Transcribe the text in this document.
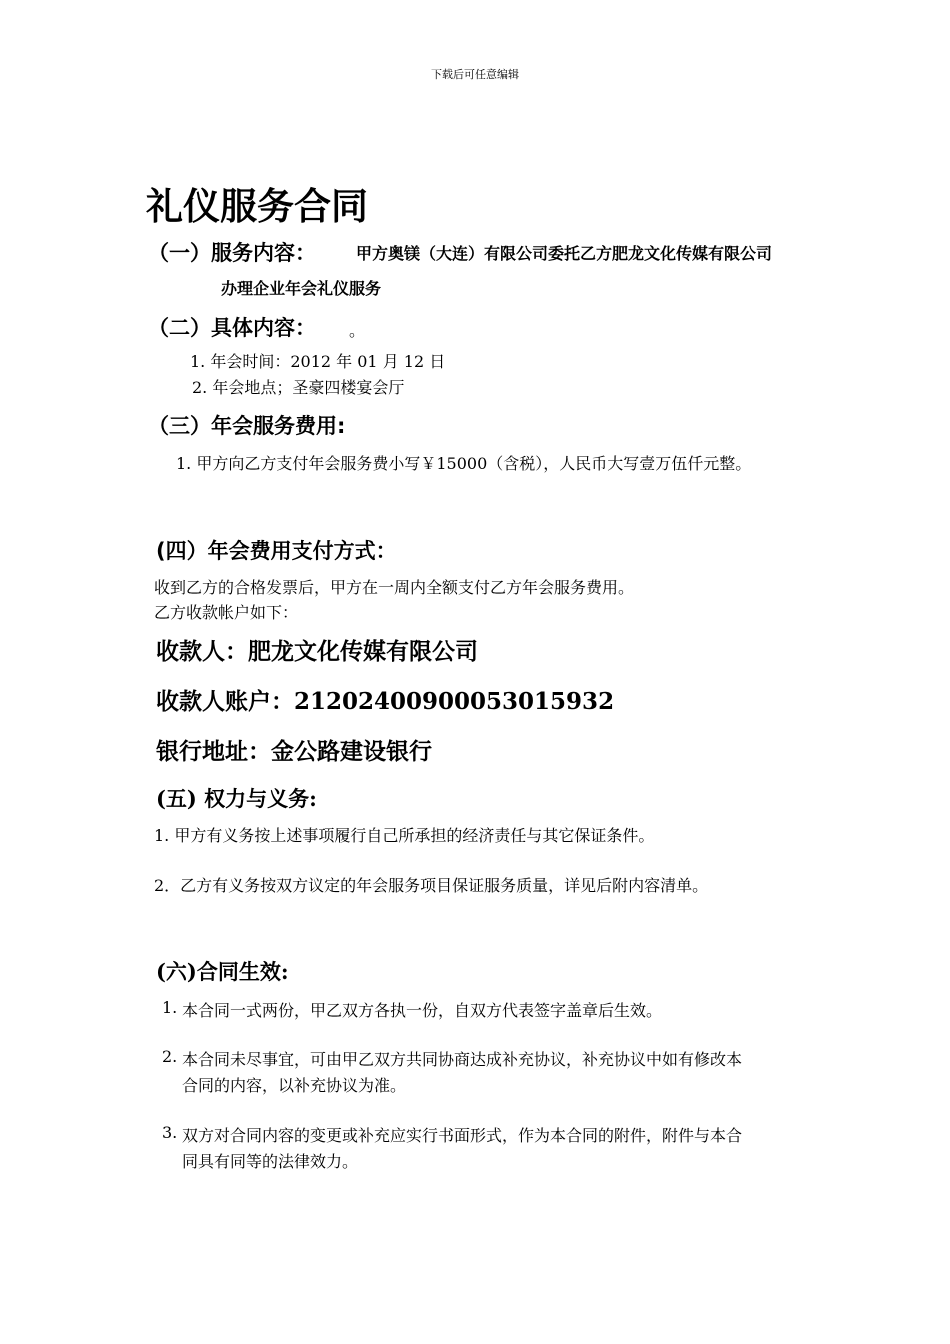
下载后可任意编辑
礼仪服务合同
（一）服务内容：	甲方奥镁（大连）有限公司委托乙方肥龙文化传媒有限公司
办理企业年会礼仪服务
（二）具体内容： 。
1. 年会时间：2012 年 01 月 12 日
2. 年会地点；圣豪四楼宴会厅
（三）年会服务费用:
1. 甲方向乙方支付年会服务费小写￥15000（含税），人民币大写壹万伍仟元整。
(四）年会费用支付方式：
收到乙方的合格发票后，甲方在一周内全额支付乙方年会服务费用。
乙方收款帐户如下：
收款人：肥龙文化传媒有限公司
收款人账户：21202400900053015932
银行地址：金公路建设银行
(五) 权力与义务:
1. 甲方有义务按上述事项履行自己所承担的经济责任与其它保证条件。
2．乙方有义务按双方议定的年会服务项目保证服务质量，详见后附内容清单。
(六)合同生效:
1. 本合同一式两份，甲乙双方各执一份，自双方代表签字盖章后生效。
2. 本合同未尽事宜，可由甲乙双方共同协商达成补充协议，补充协议中如有修改本
合同的内容，以补充协议为准。
3. 双方对合同内容的变更或补充应实行书面形式，作为本合同的附件，附件与本合
同具有同等的法律效力。
